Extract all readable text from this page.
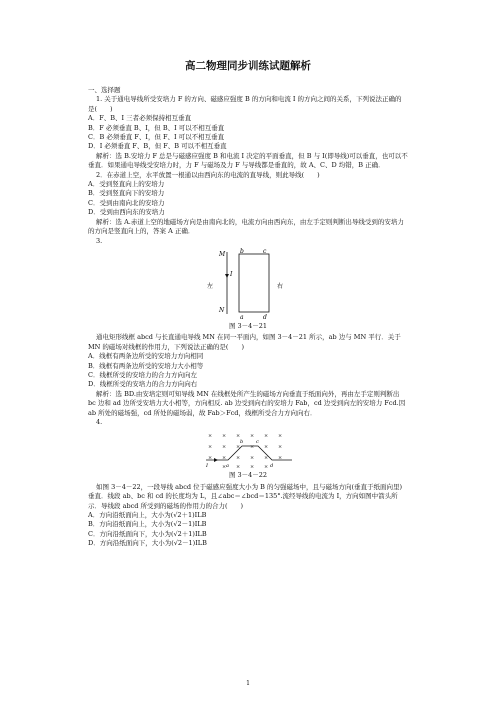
高二物理同步训练试题解析

一、选择题

1. 关于通电导线所受安培力 F 的方向、磁感应强度 B 的方向和电流 I 的方向之间的关系，下列说法正确的是(　　)

A．F、B、I 三者必须保持相互垂直

B．F 必须垂直 B、I，但 B、I 可以不相互垂直

C．B 必须垂直 F、I，但 F、I 可以不相互垂直

D．I 必须垂直 F、B，但 F、B 可以不相互垂直

解析：选 B.安培力 F 总是与磁感应强度 B 和电流 I 决定的平面垂直，但 B 与 I(即导线)可以垂直，也可以不垂直．如果通电导线受安培力时，力 F 与磁场及力 F 与导线都是垂直的，故 A、C、D 均错，B 正确．

2．在赤道上空，水平放置一根通以由西向东的电流的直导线，则此导线(　　)

A．受到竖直向上的安培力

B．受到竖直向下的安培力

C．受到由南向北的安培力

D．受到由西向东的安培力

解析：选 A.赤道上空的地磁场方向是由南向北的，电流方向由西向东，由左手定则判断出导线受到的安培力的方向是竖直向上的，答案 A 正确．

3.

M
I
N
a
b	c
d
左	右

图 3－4－21

通电矩形线框 abcd 与长直通电导线 MN 在同一平面内，如图 3－4－21 所示，ab 边与 MN 平行．关于 MN 的磁场对线框的作用力，下列说法正确的是(　　)

A．线框有两条边所受的安培力方向相同

B．线框有两条边所受的安培力大小相等

C．线框所受的安培力的合力方向向左

D．线框所受的安培力的合力方向向右

解析：选 BD.由安培定则可知导线 MN 在线框处所产生的磁场方向垂直于纸面向外，再由左手定则判断出 bc 边和 ad 边所受安培力大小相等，方向相反. ab 边受到向右的安培力 Fab，cd 边受到向左的安培力 Fcd.因 ab 所处的磁场强，cd 所处的磁场弱，故 Fab＞Fcd，线框所受合力方向向右．

4.

× × × × × ×
× × × × × ×
× × × × × ×
× × × ×
I	a
b	c
d

图 3－4－22

如图 3－4－22，一段导线 abcd 位于磁感应强度大小为 B 的匀强磁场中，且与磁场方向(垂直于纸面向里)垂直．线段 ab、bc 和 cd 的长度均为 L，且∠abc＝∠bcd＝135°.流经导线的电流为 I，方向如图中箭头所示．导线段 abcd 所受到的磁场的作用力的合力(　　)

A．方向沿纸面向上，大小为(√2＋1)ILB

B．方向沿纸面向上，大小为(√2－1)ILB

C．方向沿纸面向下，大小为(√2＋1)ILB

D．方向沿纸面向下，大小为(√2－1)ILB

1
